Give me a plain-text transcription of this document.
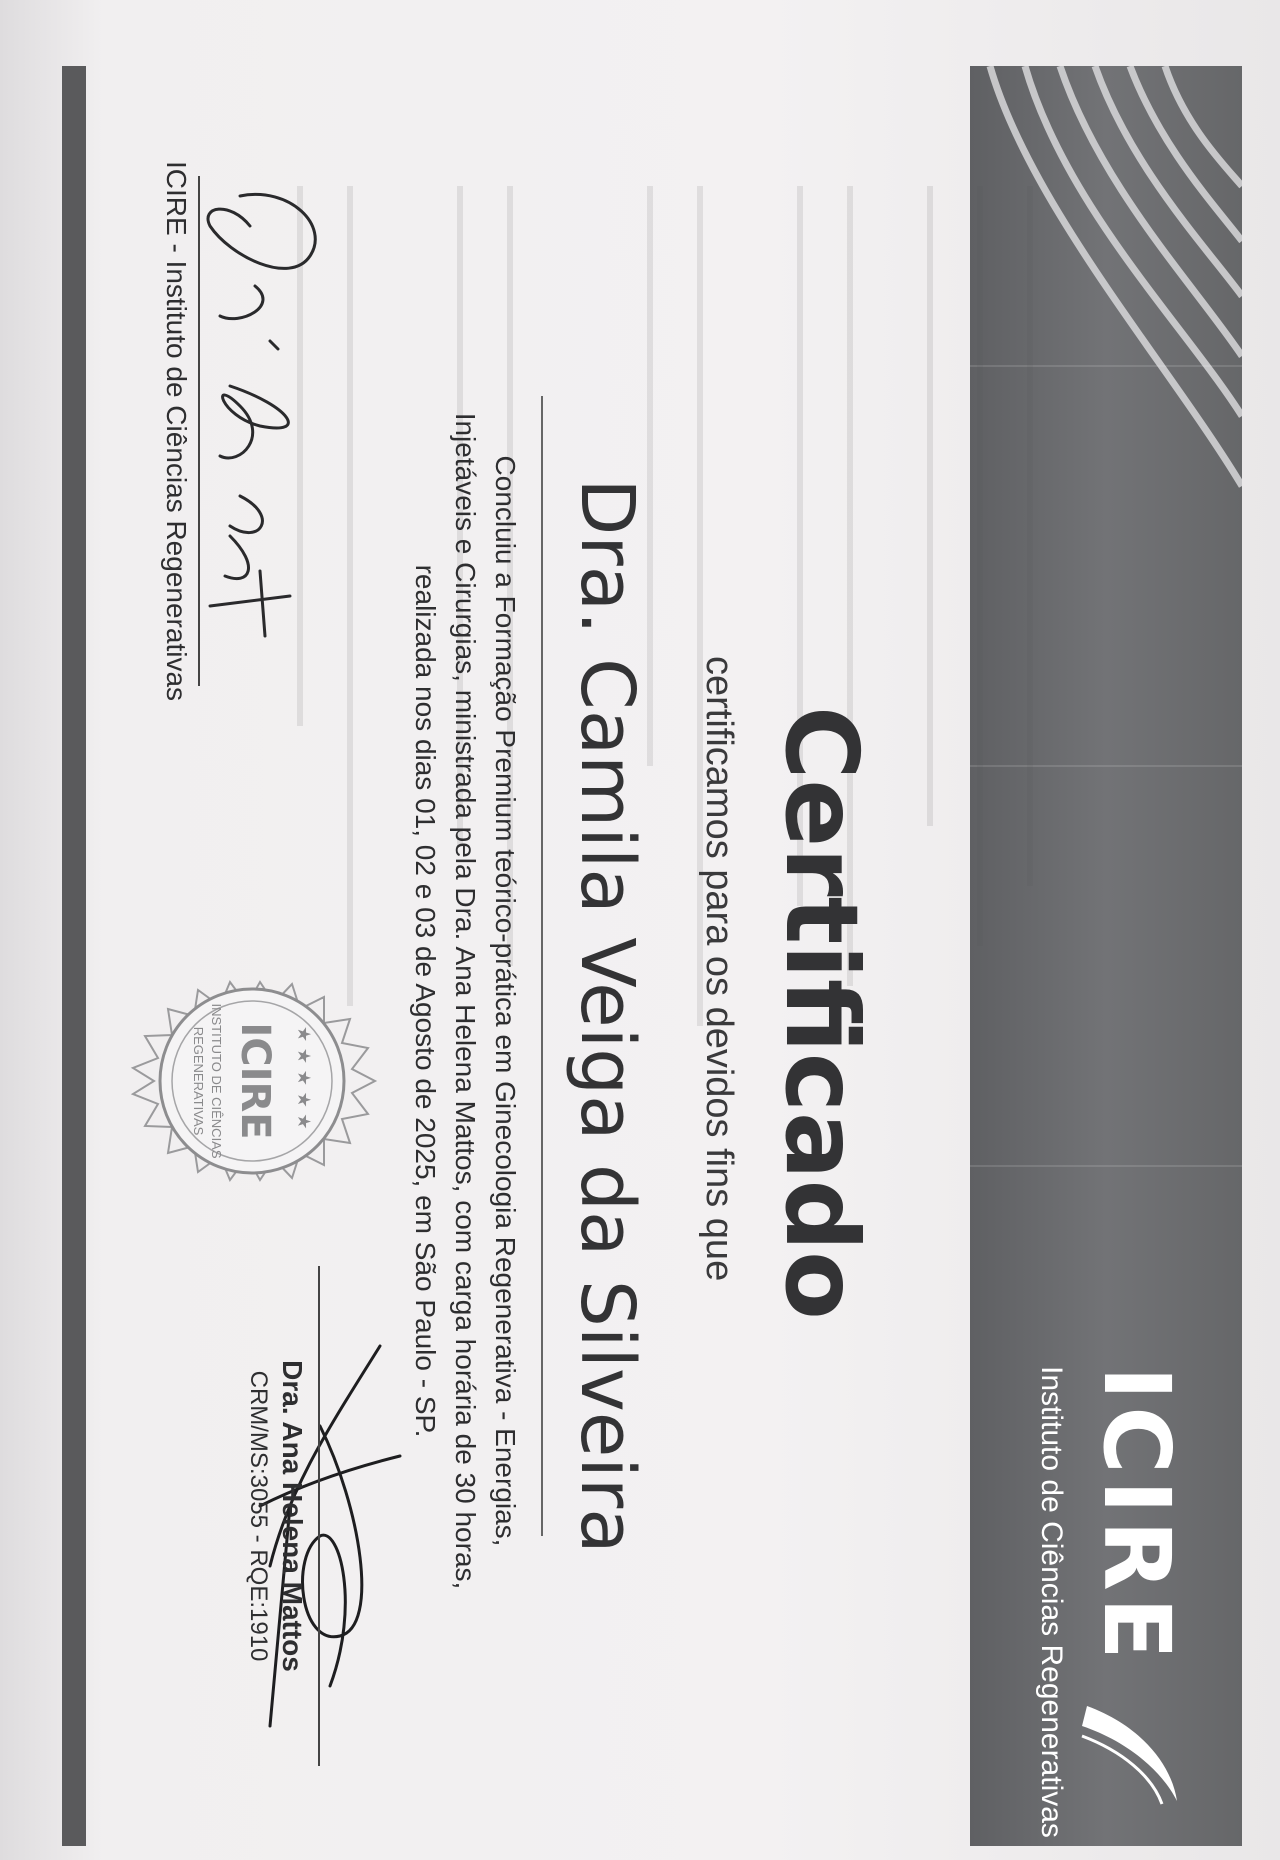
ICIRE
Instituto de Ciências Regenerativas
Certificado
certificamos para os devidos fins que
Dra. Camila Veiga da Silveira
Concluiu a Formação Premium teórico-prática em Ginecologia Regenerativa - Energias,
Injetáveis e Cirurgias, ministrada pela Dra. Ana Helena Mattos, com carga horária de 30 horas,
realizada nos dias 01, 02 e 03 de Agosto de 2025, em São Paulo - SP.
★ ★ ★ ★ ★
ICIRE
INSTITUTO DE CIÊNCIAS
REGENERATIVAS
ICIRE - Instituto de Ciências Regenerativas
Dra. Ana Helena Mattos
CRM/MS:3055 - RQE:1910
